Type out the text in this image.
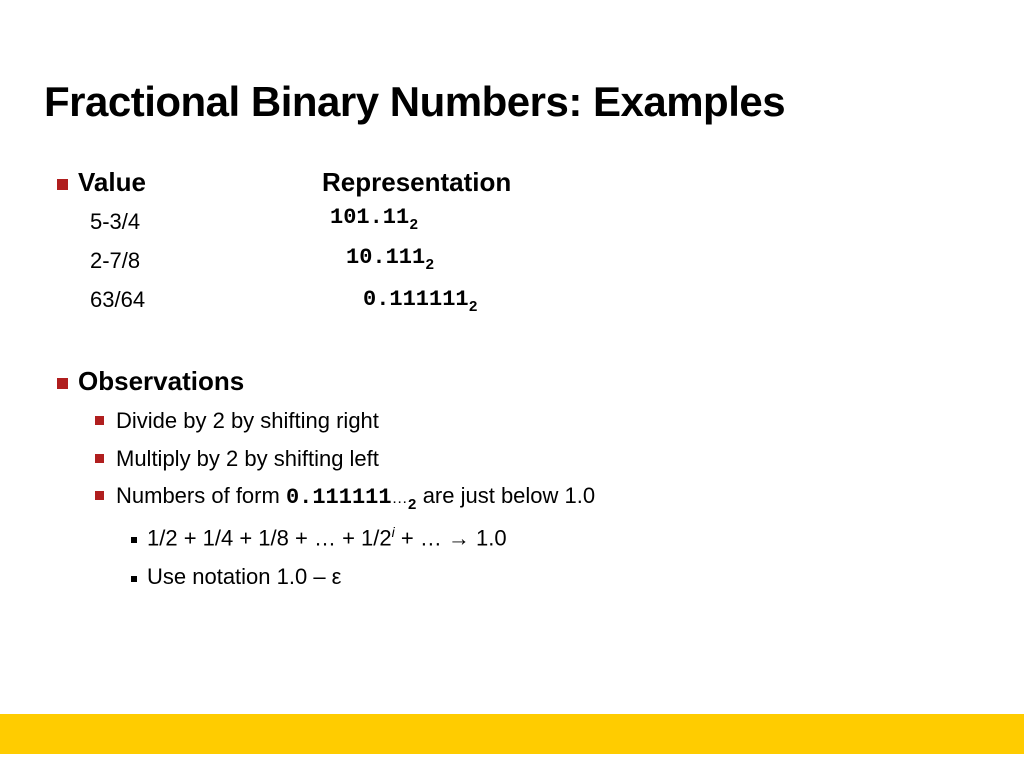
Fractional Binary Numbers: Examples
Value	Representation
5-3/4
2-7/8
63/64
$101.11_2$
$10.111_2$
$0.111111_2$
Observations
Divide by 2 by shifting right
Multiply by 2 by shifting left
Numbers of form $0.111111\dots_2$ are just below 1.0
1/2 + 1/4 + 1/8 + … + $1/2^i$ + … → 1.0
Use notation 1.0 – ε
